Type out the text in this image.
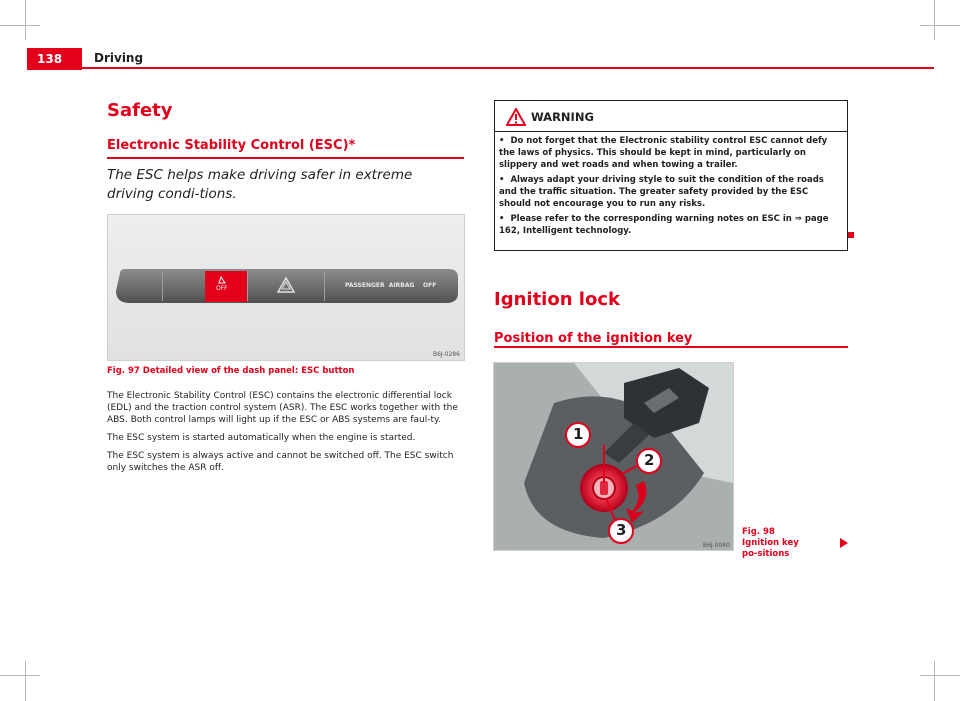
138	Driving
Safety
Electronic Stability Control (ESC)*
The ESC helps make driving safer in extreme driving condi-tions.
OFF	PASSENGER  AIRBAG OFF
B6J-0286
Fig. 97 Detailed view of the dash panel: ESC button

The Electronic Stability Control (ESC) contains the electronic differential lock (EDL) and the traction control system (ASR). The ESC works together with the ABS. Both control lamps will light up if the ESC or ABS systems are faul-ty.

The ESC system is started automatically when the engine is started.

The ESC system is always active and cannot be switched off. The ESC switch only switches the ASR off.

WARNING
• Do not forget that the Electronic stability control ESC cannot defy the laws of physics. This should be kept in mind, particularly on slippery and wet roads and when towing a trailer.
• Always adapt your driving style to suit the condition of the roads and the traffic situation. The greater safety provided by the ESC should not encourage you to run any risks.
• Please refer to the corresponding warning notes on ESC in ⇒ page 162, Intelligent technology.
Ignition lock
Position of the ignition key
1
2
3
B6J-0040
Fig. 98 Ignition key po-sitions
